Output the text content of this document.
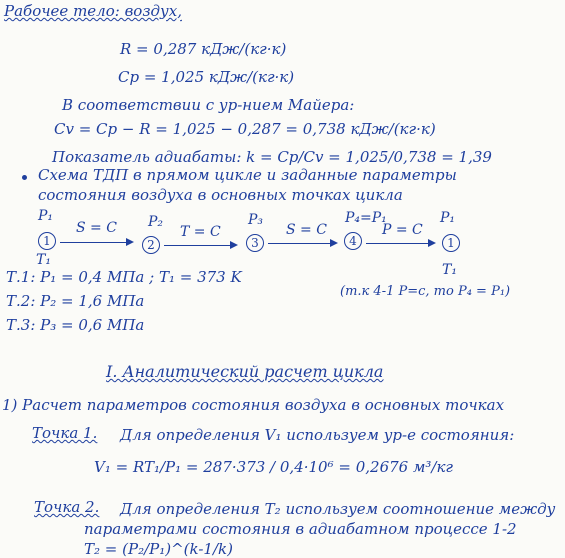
Рабочее тело: воздух,
R = 0,287 кДж/(кг·к)
Cp = 1,025 кДж/(кг·к)
В соответствии с ур-нием Майера:
Cv = Cp − R = 1,025 − 0,287 = 0,738 кДж/(кг·к)
Показатель адиабаты: k = Cp/Cv = 1,025/0,738 = 1,39
Схема ТДП в прямом цикле и заданные параметры
состояния воздуха в основных точках цикла
P₁	P₂	P₃	P₄=P₁	P₁
1	2	3	4	1
S = C	T = C	S = C	P = C
T₁
T₁
Т.1: P₁ = 0,4 МПа ; T₁ = 373 K
(т.к 4-1 P=c, то P₄ = P₁)
Т.2: P₂ = 1,6 МПа
Т.3: P₃ = 0,6 МПа
I. Аналитический расчет цикла
1) Расчет параметров состояния воздуха в основных точках
Точка 1. Для определения V₁ используем ур-е состояния:
V₁ = RT₁/P₁ = 287·373 / 0,4·10⁶ = 0,2676 м³/кг
Точка 2. Для определения T₂ используем соотношение между
параметрами состояния в адиабатном процессе 1-2
T₂ = (P₂/P₁)^(k-1/k)
